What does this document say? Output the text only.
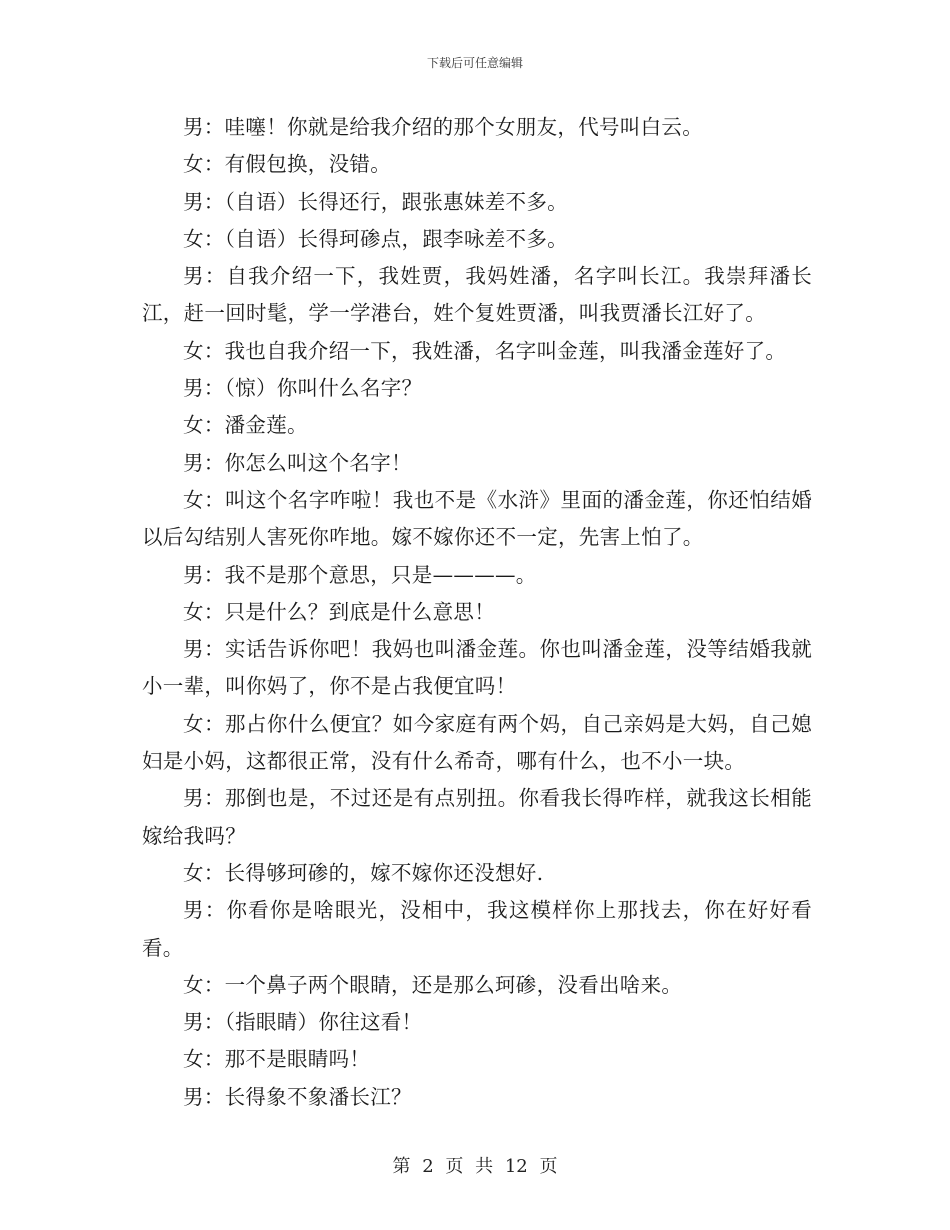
下载后可任意编辑

男：哇噻！你就是给我介绍的那个女朋友，代号叫白云。

女：有假包换，没错。

男：（自语）长得还行，跟张惠妹差不多。

女：（自语）长得珂碜点，跟李咏差不多。

男：自我介绍一下，我姓贾，我妈姓潘，名字叫长江。我崇拜潘长江，赶一回时髦，学一学港台，姓个复姓贾潘，叫我贾潘长江好了。

女：我也自我介绍一下，我姓潘，名字叫金莲，叫我潘金莲好了。

男：（惊）你叫什么名字？

女：潘金莲。

男：你怎么叫这个名字！

女：叫这个名字咋啦！我也不是《水浒》里面的潘金莲，你还怕结婚以后勾结别人害死你咋地。嫁不嫁你还不一定，先害上怕了。

男：我不是那个意思，只是————。

女：只是什么？到底是什么意思！

男：实话告诉你吧！我妈也叫潘金莲。你也叫潘金莲，没等结婚我就小一辈，叫你妈了，你不是占我便宜吗！

女：那占你什么便宜？如今家庭有两个妈，自己亲妈是大妈，自己媳妇是小妈，这都很正常，没有什么希奇，哪有什么，也不小一块。

男：那倒也是，不过还是有点别扭。你看我长得咋样，就我这长相能嫁给我吗？

女：长得够珂碜的，嫁不嫁你还没想好.

男：你看你是啥眼光，没相中，我这模样你上那找去，你在好好看看。

女：一个鼻子两个眼睛，还是那么珂碜，没看出啥来。

男：（指眼睛）你往这看！

女：那不是眼睛吗！

男：长得象不象潘长江？

第 2 页 共 12 页
